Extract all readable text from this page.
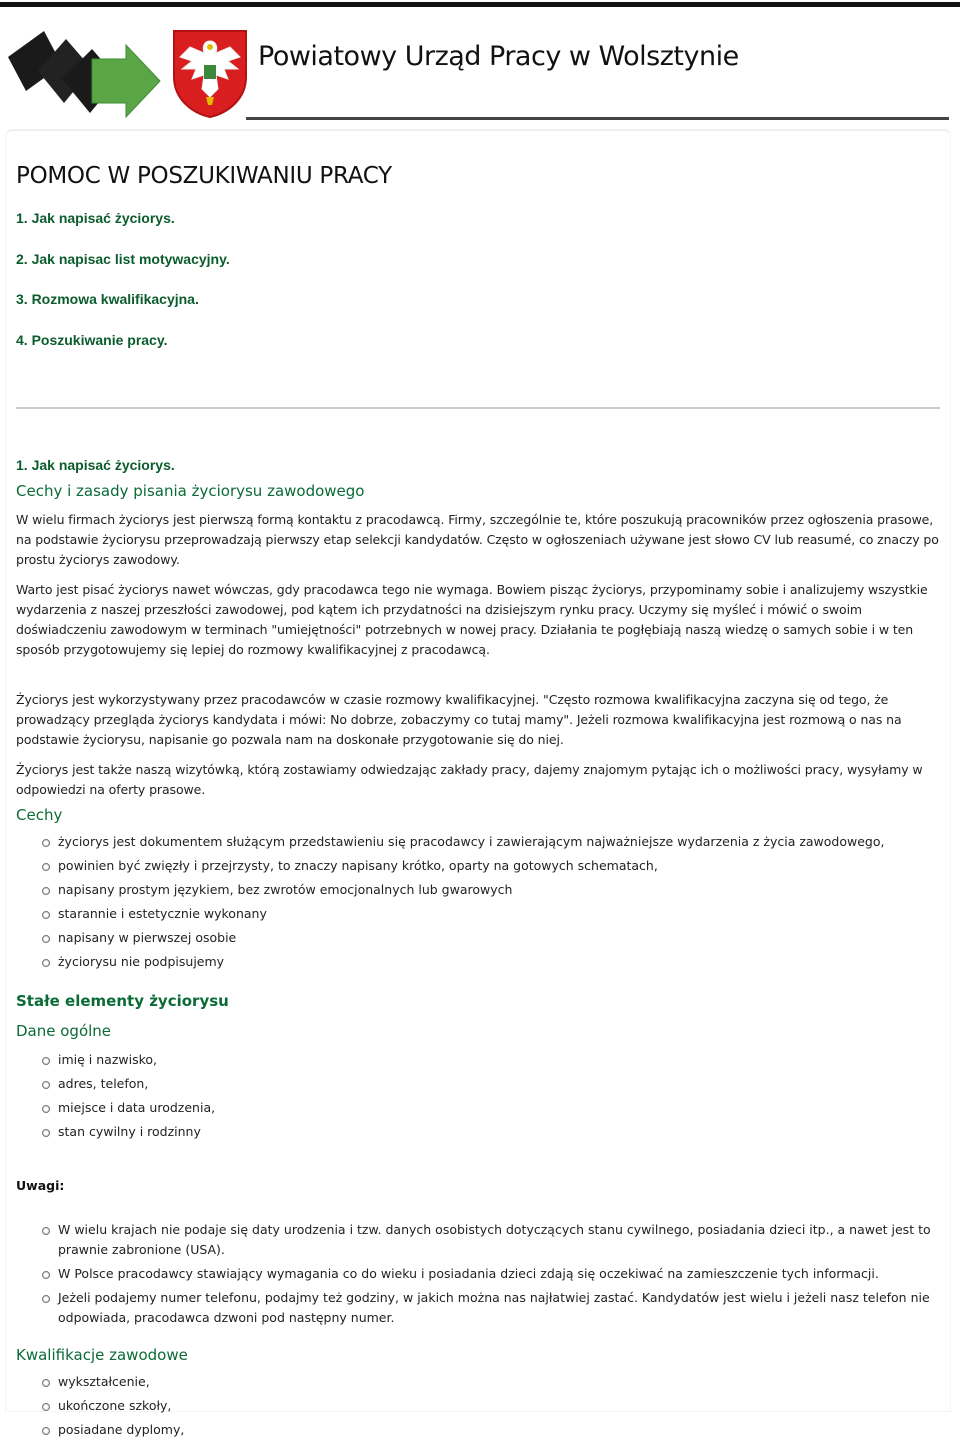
Powiatowy Urząd Pracy w Wolsztynie
POMOC W POSZUKIWANIU PRACY
1. Jak napisać życiorys.
2. Jak napisac list motywacyjny.
3. Rozmowa kwalifikacyjna.
4. Poszukiwanie pracy.
1. Jak napisać życiorys.
Cechy i zasady pisania życiorysu zawodowego

W wielu firmach życiorys jest pierwszą formą kontaktu z pracodawcą. Firmy, szczególnie te, które poszukują pracowników przez ogłoszenia prasowe, na podstawie życiorysu przeprowadzają pierwszy etap selekcji kandydatów. Często w ogłoszeniach używane jest słowo CV lub reasumé, co znaczy po prostu życiorys zawodowy.

Warto jest pisać życiorys nawet wówczas, gdy pracodawca tego nie wymaga. Bowiem pisząc życiorys, przypominamy sobie i analizujemy wszystkie wydarzenia z naszej przeszłości zawodowej, pod kątem ich przydatności na dzisiejszym rynku pracy. Uczymy się myśleć i mówić o swoim doświadczeniu zawodowym w terminach "umiejętności" potrzebnych w nowej pracy. Działania te pogłębiają naszą wiedzę o samych sobie i w ten sposób przygotowujemy się lepiej do rozmowy kwalifikacyjnej z pracodawcą.

Życiorys jest wykorzystywany przez pracodawców w czasie rozmowy kwalifikacyjnej. "Często rozmowa kwalifikacyjna zaczyna się od tego, że prowadzący przegląda życiorys kandydata i mówi: No dobrze, zobaczymy co tutaj mamy". Jeżeli rozmowa kwalifikacyjna jest rozmową o nas na podstawie życiorysu, napisanie go pozwala nam na doskonałe przygotowanie się do niej.

Życiorys jest także naszą wizytówką, którą zostawiamy odwiedzając zakłady pracy, dajemy znajomym pytając ich o możliwości pracy, wysyłamy w odpowiedzi na oferty prasowe.

Cechy
życiorys jest dokumentem służącym przedstawieniu się pracodawcy i zawierającym najważniejsze wydarzenia z życia zawodowego,
powinien być zwięzły i przejrzysty, to znaczy napisany krótko, oparty na gotowych schematach,
napisany prostym językiem, bez zwrotów emocjonalnych lub gwarowych
starannie i estetycznie wykonany
napisany w pierwszej osobie
życiorysu nie podpisujemy
Stałe elementy życiorysu
Dane ogólne
imię i nazwisko,
adres, telefon,
miejsce i data urodzenia,
stan cywilny i rodzinny

Uwagi:

W wielu krajach nie podaje się daty urodzenia i tzw. danych osobistych dotyczących stanu cywilnego, posiadania dzieci itp., a nawet jest to prawnie zabronione (USA).
W Polsce pracodawcy stawiający wymagania co do wieku i posiadania dzieci zdają się oczekiwać na zamieszczenie tych informacji.
Jeżeli podajemy numer telefonu, podajmy też godziny, w jakich można nas najłatwiej zastać. Kandydatów jest wielu i jeżeli nasz telefon nie odpowiada, pracodawca dzwoni pod następny numer.
Kwalifikacje zawodowe
wykształcenie,
ukończone szkoły,
posiadane dyplomy,
